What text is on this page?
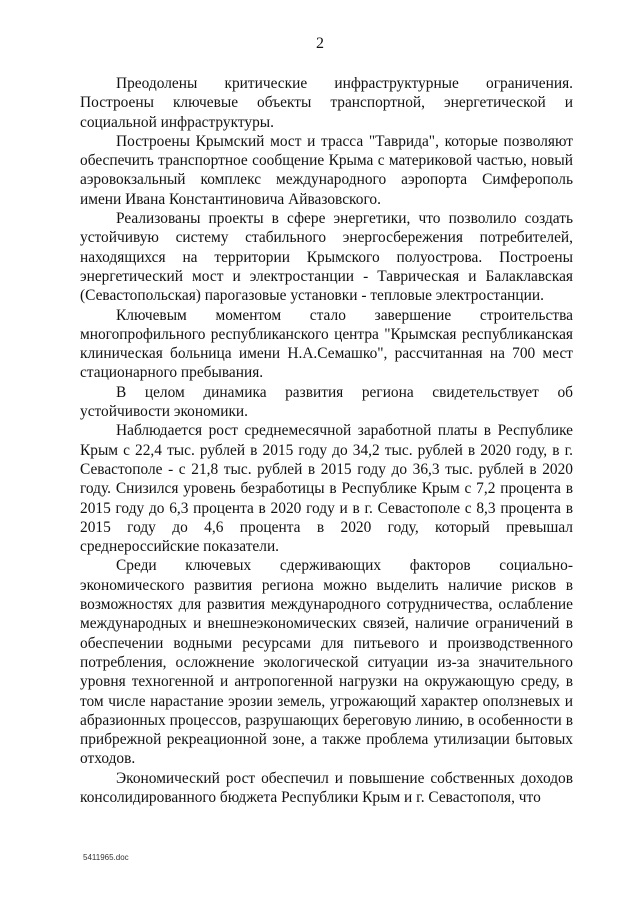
2

Преодолены критические инфраструктурные ограничения. Построены ключевые объекты транспортной, энергетической и социальной инфраструктуры.

Построены Крымский мост и трасса "Таврида", которые позволяют обеспечить транспортное сообщение Крыма с материковой частью, новый аэровокзальный комплекс международного аэропорта Симферополь имени Ивана Константиновича Айвазовского.

Реализованы проекты в сфере энергетики, что позволило создать устойчивую систему стабильного энергосбережения потребителей, находящихся на территории Крымского полуострова. Построены энергетический мост и электростанции - Таврическая и Балаклавская (Севастопольская) парогазовые установки - тепловые электростанции.

Ключевым моментом стало завершение строительства многопрофильного республиканского центра "Крымская республиканская клиническая больница имени Н.А.Семашко", рассчитанная на 700 мест стационарного пребывания.

В целом динамика развития региона свидетельствует об устойчивости экономики.

Наблюдается рост среднемесячной заработной платы в Республике Крым с 22,4 тыс. рублей в 2015 году до 34,2 тыс. рублей в 2020 году, в г. Севастополе - с 21,8 тыс. рублей в 2015 году до 36,3 тыс. рублей в 2020 году. Снизился уровень безработицы в Республике Крым с 7,2 процента в 2015 году до 6,3 процента в 2020 году и в г. Севастополе с 8,3 процента в 2015 году до 4,6 процента в 2020 году, который превышал среднероссийские показатели.

Среди ключевых сдерживающих факторов социально-экономического развития региона можно выделить наличие рисков в возможностях для развития международного сотрудничества, ослабление международных и внешнеэкономических связей, наличие ограничений в обеспечении водными ресурсами для питьевого и производственного потребления, осложнение экологической ситуации из-за значительного уровня техногенной и антропогенной нагрузки на окружающую среду, в том числе нарастание эрозии земель, угрожающий характер оползневых и абразионных процессов, разрушающих береговую линию, в особенности в прибрежной рекреационной зоне, а также проблема утилизации бытовых отходов.

Экономический рост обеспечил и повышение собственных доходов консолидированного бюджета Республики Крым и г. Севастополя, что

5411965.doc
